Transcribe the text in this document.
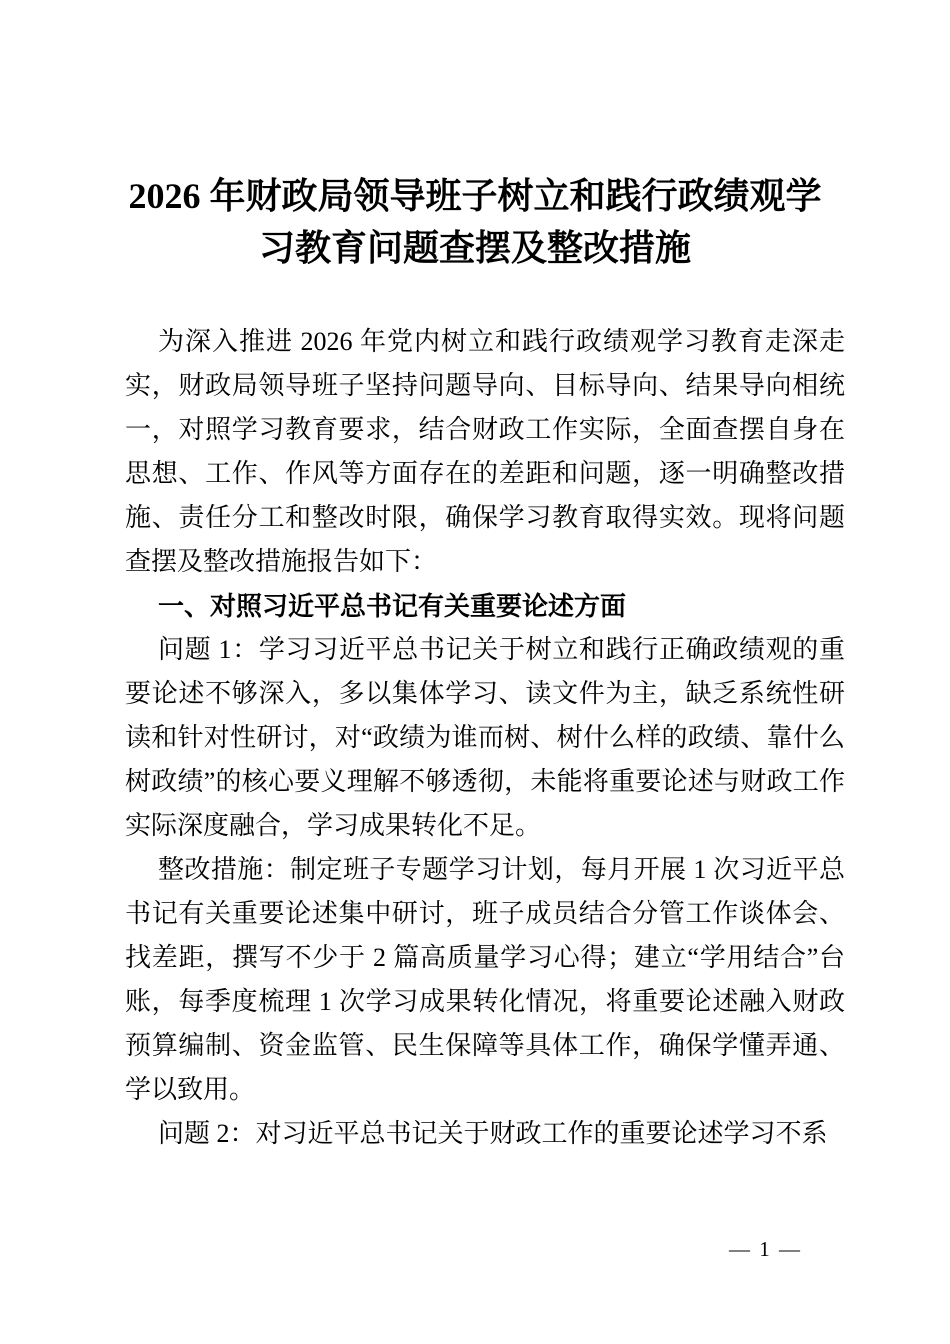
2026 年财政局领导班子树立和践行政绩观学
习教育问题查摆及整改措施

为深入推进 2026 年党内树立和践行政绩观学习教育走深走实，财政局领导班子坚持问题导向、目标导向、结果导向相统一，对照学习教育要求，结合财政工作实际，全面查摆自身在思想、工作、作风等方面存在的差距和问题，逐一明确整改措施、责任分工和整改时限，确保学习教育取得实效。现将问题查摆及整改措施报告如下：

一、对照习近平总书记有关重要论述方面

问题 1：学习习近平总书记关于树立和践行正确政绩观的重要论述不够深入，多以集体学习、读文件为主，缺乏系统性研读和针对性研讨，对“政绩为谁而树、树什么样的政绩、靠什么树政绩”的核心要义理解不够透彻，未能将重要论述与财政工作实际深度融合，学习成果转化不足。

整改措施：制定班子专题学习计划，每月开展 1 次习近平总书记有关重要论述集中研讨，班子成员结合分管工作谈体会、找差距，撰写不少于 2 篇高质量学习心得；建立“学用结合”台账，每季度梳理 1 次学习成果转化情况，将重要论述融入财政预算编制、资金监管、民生保障等具体工作，确保学懂弄通、学以致用。

问题 2：对习近平总书记关于财政工作的重要论述学习不系

— 1 —
